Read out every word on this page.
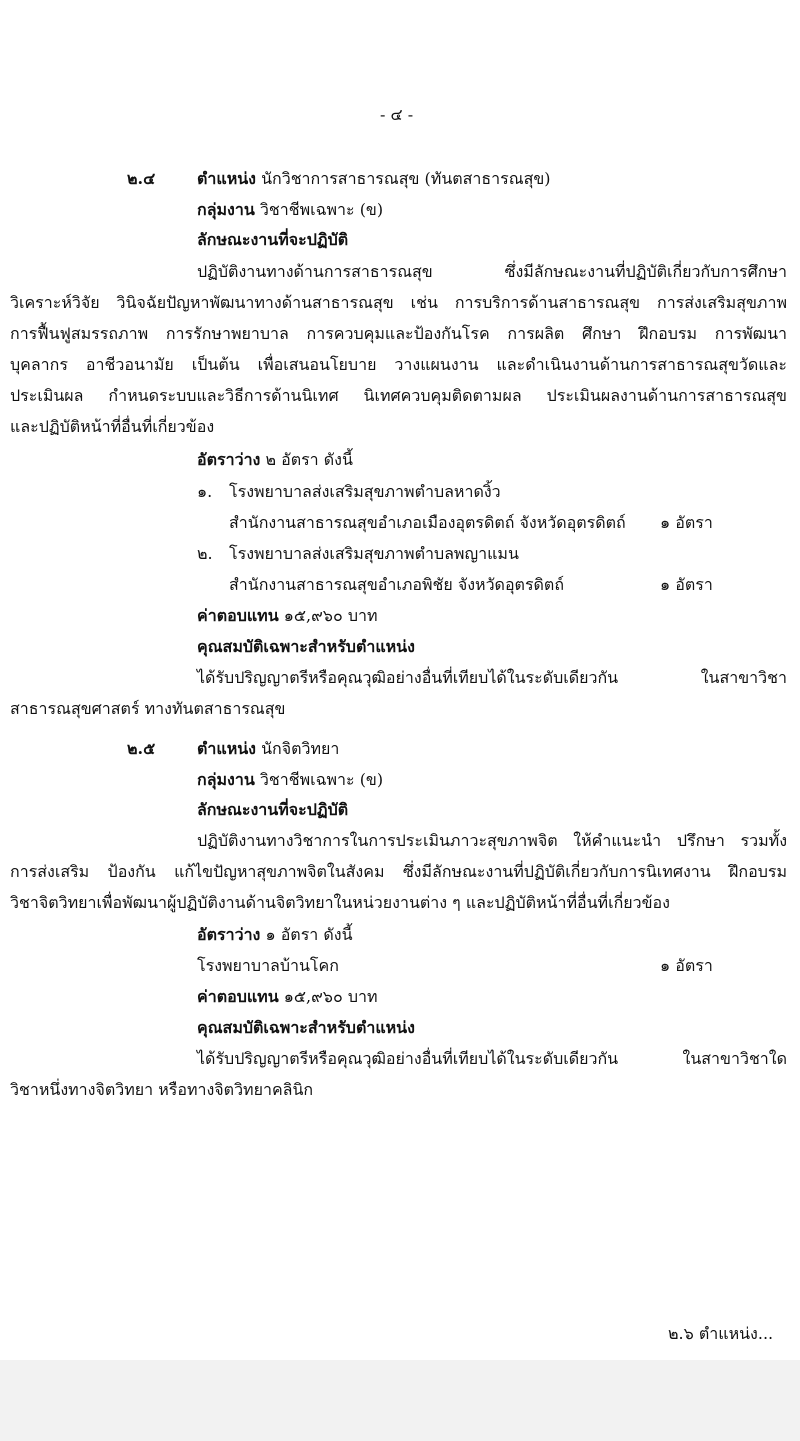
- ๔ -
๒.๔	ตำแหน่ง นักวิชาการสาธารณสุข (ทันตสาธารณสุข)
กลุ่มงาน วิชาชีพเฉพาะ (ข)
ลักษณะงานที่จะปฏิบัติ
ปฏิบัติงานทางด้านการสาธารณสุข ซึ่งมีลักษณะงานที่ปฏิบัติเกี่ยวกับการศึกษา
วิเคราะห์วิจัย วินิจฉัยปัญหาพัฒนาทางด้านสาธารณสุข เช่น การบริการด้านสาธารณสุข การส่งเสริมสุขภาพ
การฟื้นฟูสมรรถภาพ การรักษาพยาบาล การควบคุมและป้องกันโรค การผลิต ศึกษา ฝึกอบรม การพัฒนา
บุคลากร อาชีวอนามัย เป็นต้น เพื่อเสนอนโยบาย วางแผนงาน และดำเนินงานด้านการสาธารณสุขวัดและ
ประเมินผล กำหนดระบบและวิธีการด้านนิเทศ นิเทศควบคุมติดตามผล ประเมินผลงานด้านการสาธารณสุข
และปฏิบัติหน้าที่อื่นที่เกี่ยวข้อง
อัตราว่าง ๒ อัตรา ดังนี้
๑. โรงพยาบาลส่งเสริมสุขภาพตำบลหาดงิ้ว
สำนักงานสาธารณสุขอำเภอเมืองอุตรดิตถ์ จังหวัดอุตรดิตถ์ ๑ อัตรา
๒. โรงพยาบาลส่งเสริมสุขภาพตำบลพญาแมน
สำนักงานสาธารณสุขอำเภอพิชัย จังหวัดอุตรดิตถ์	๑ อัตรา
ค่าตอบแทน ๑๕,๙๖๐ บาท
คุณสมบัติเฉพาะสำหรับตำแหน่ง
ได้รับปริญญาตรีหรือคุณวุฒิอย่างอื่นที่เทียบได้ในระดับเดียวกัน ในสาขาวิชา
สาธารณสุขศาสตร์ ทางทันตสาธารณสุข
๒.๕	ตำแหน่ง นักจิตวิทยา
กลุ่มงาน วิชาชีพเฉพาะ (ข)
ลักษณะงานที่จะปฏิบัติ
ปฏิบัติงานทางวิชาการในการประเมินภาวะสุขภาพจิต ให้คำแนะนำ ปรึกษา รวมทั้ง
การส่งเสริม ป้องกัน แก้ไขปัญหาสุขภาพจิตในสังคม ซึ่งมีลักษณะงานที่ปฏิบัติเกี่ยวกับการนิเทศงาน ฝึกอบรม
วิชาจิตวิทยาเพื่อพัฒนาผู้ปฏิบัติงานด้านจิตวิทยาในหน่วยงานต่าง ๆ และปฏิบัติหน้าที่อื่นที่เกี่ยวข้อง
อัตราว่าง ๑ อัตรา ดังนี้
โรงพยาบาลบ้านโคก	๑ อัตรา
ค่าตอบแทน ๑๕,๙๖๐ บาท
คุณสมบัติเฉพาะสำหรับตำแหน่ง
ได้รับปริญญาตรีหรือคุณวุฒิอย่างอื่นที่เทียบได้ในระดับเดียวกัน ในสาขาวิชาใด
วิชาหนึ่งทางจิตวิทยา หรือทางจิตวิทยาคลินิก
๒.๖ ตำแหน่ง...
